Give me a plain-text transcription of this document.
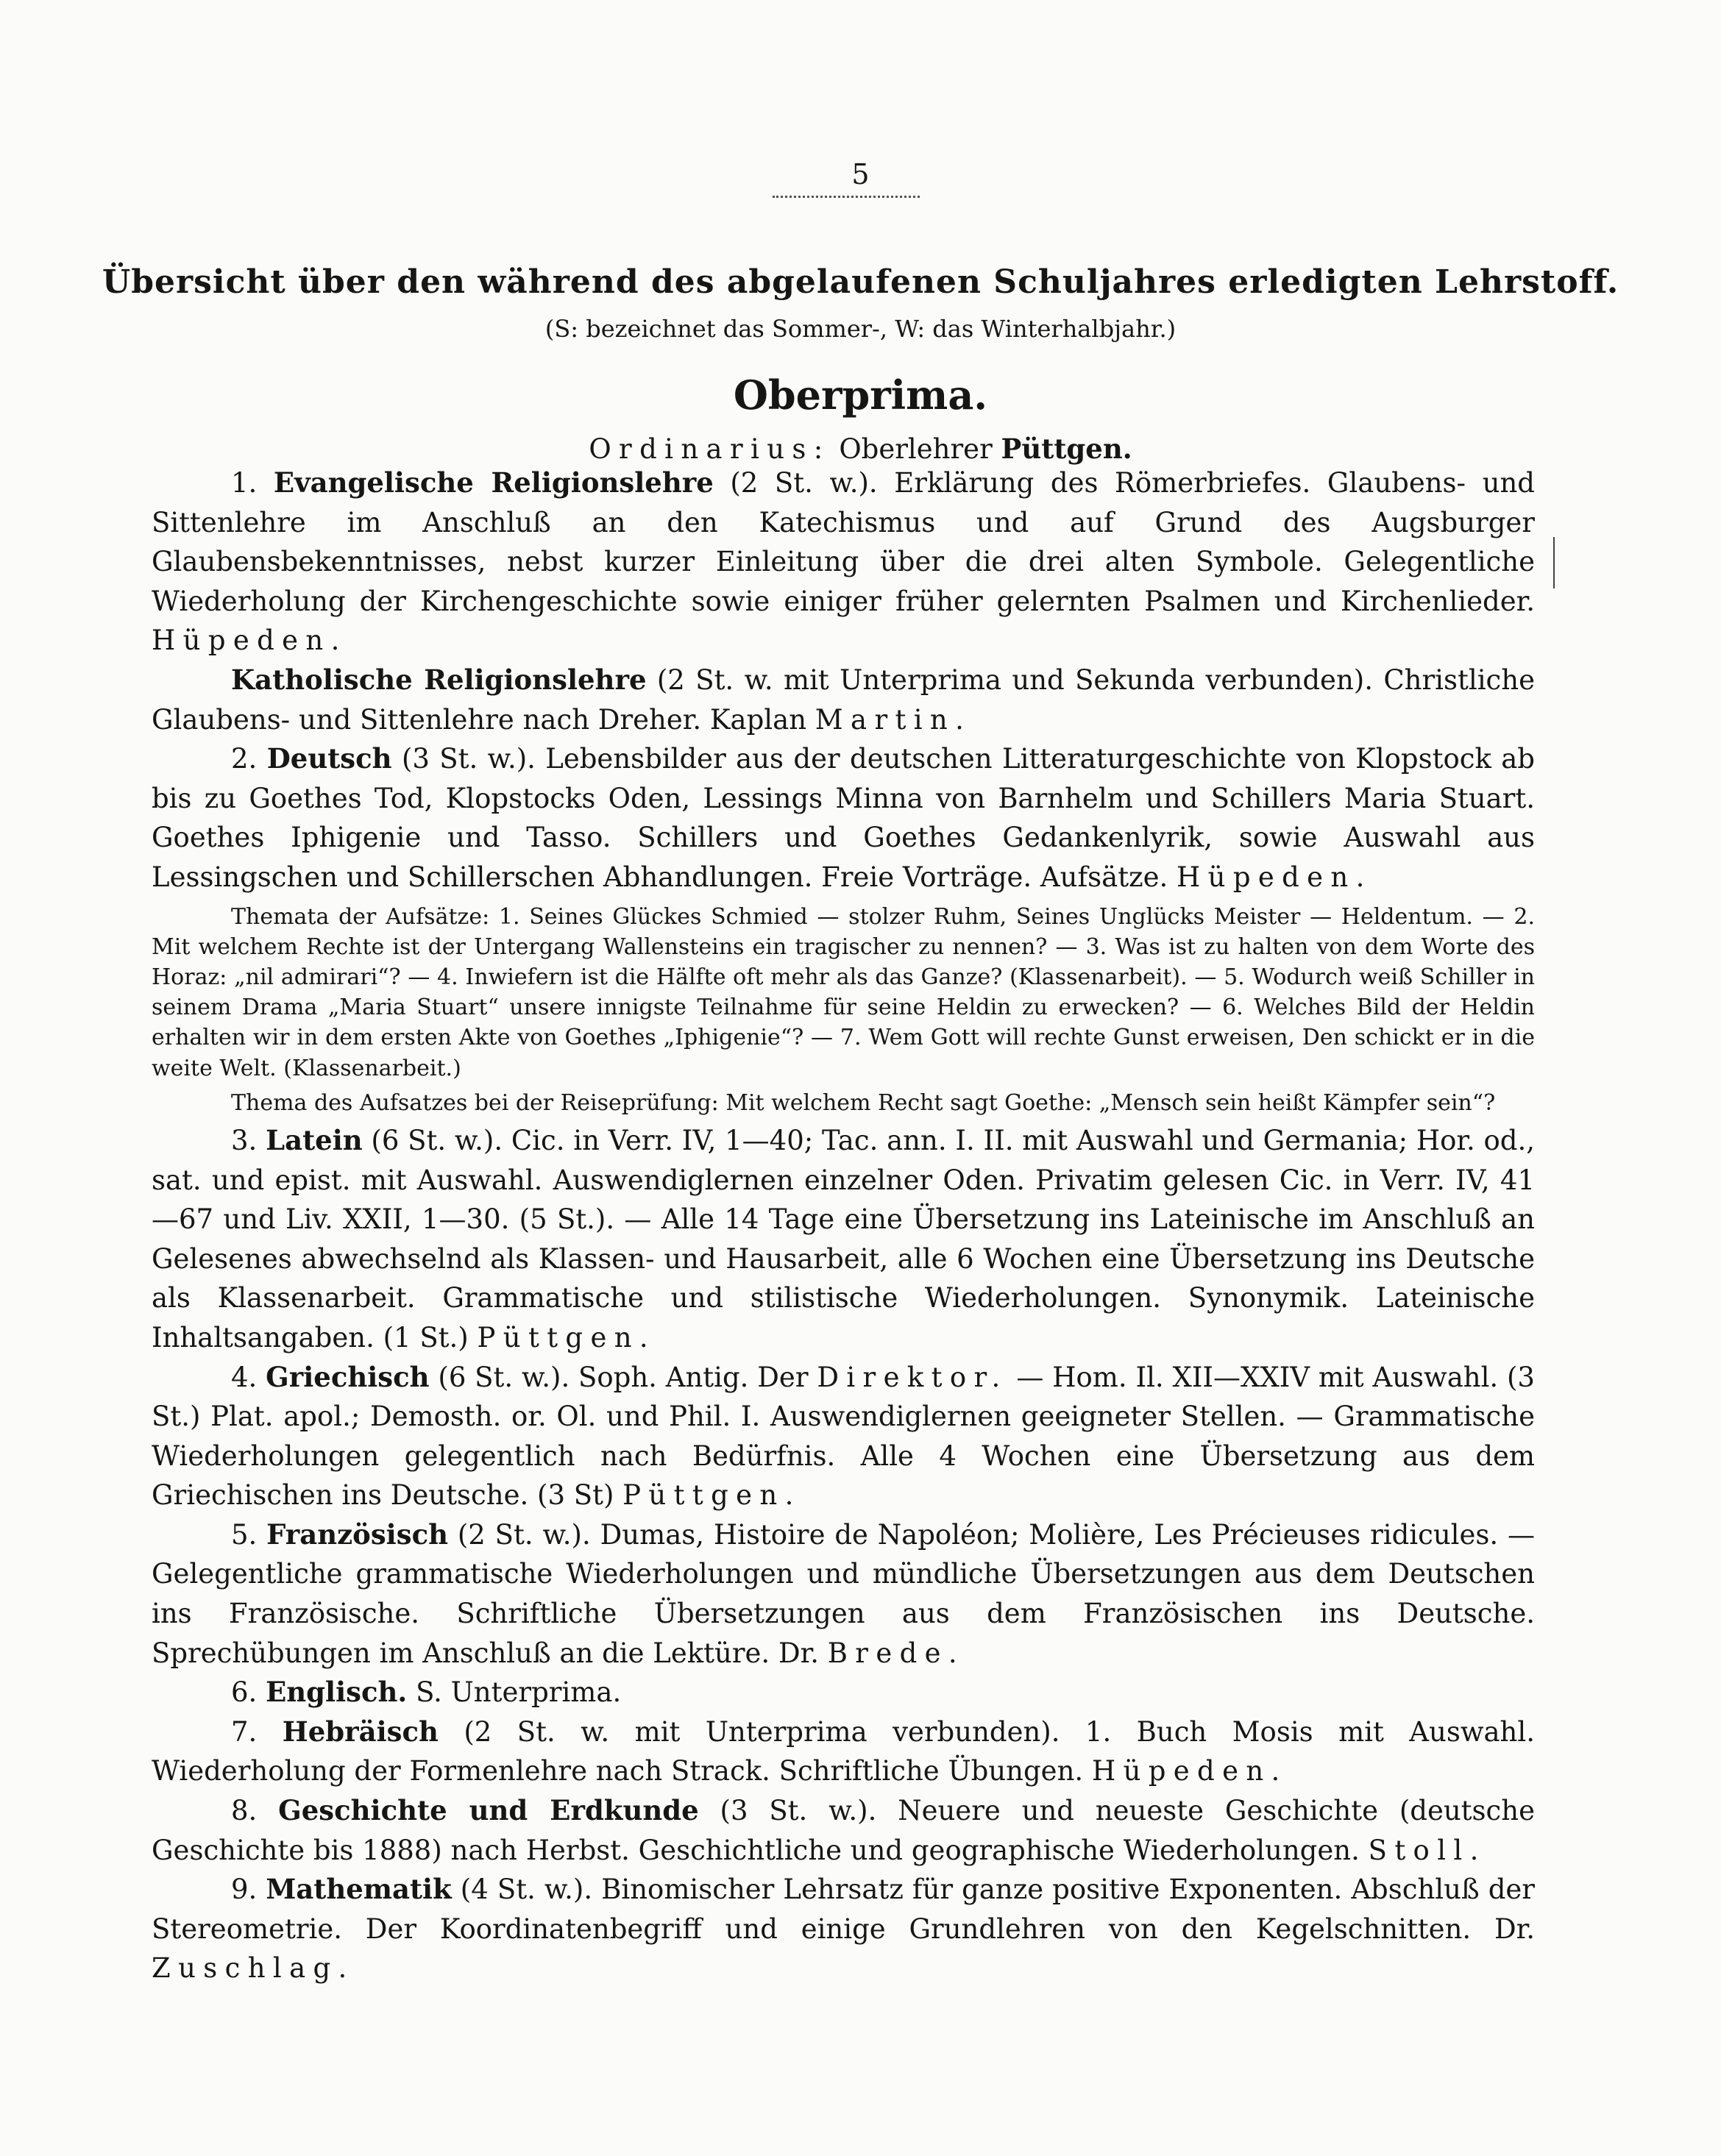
5
Übersicht über den während des abgelaufenen Schuljahres erledigten Lehrstoff.
(S: bezeichnet das Sommer-, W: das Winterhalbjahr.)
Oberprima.
Ordinarius: Oberlehrer Püttgen.

1. Evangelische Religionslehre (2 St. w.). Erklärung des Römerbriefes. Glaubens- und Sittenlehre im Anschluß an den Katechismus und auf Grund des Augsburger Glaubensbekenntnisses, nebst kurzer Einleitung über die drei alten Symbole. Gelegentliche Wiederholung der Kirchengeschichte sowie einiger früher gelernten Psalmen und Kirchenlieder. Hüpeden.

Katholische Religionslehre (2 St. w. mit Unterprima und Sekunda verbunden). Christliche Glaubens- und Sittenlehre nach Dreher. Kaplan Martin.

2. Deutsch (3 St. w.). Lebensbilder aus der deutschen Litteraturgeschichte von Klopstock ab bis zu Goethes Tod, Klopstocks Oden, Lessings Minna von Barnhelm und Schillers Maria Stuart. Goethes Iphigenie und Tasso. Schillers und Goethes Gedankenlyrik, sowie Auswahl aus Lessingschen und Schillerschen Abhandlungen. Freie Vorträge. Aufsätze. Hüpeden.

Themata der Aufsätze: 1. Seines Glückes Schmied — stolzer Ruhm, Seines Unglücks Meister — Heldentum. — 2. Mit welchem Rechte ist der Untergang Wallensteins ein tragischer zu nennen? — 3. Was ist zu halten von dem Worte des Horaz: „nil admirari“? — 4. Inwiefern ist die Hälfte oft mehr als das Ganze? (Klassenarbeit). — 5. Wodurch weiß Schiller in seinem Drama „Maria Stuart“ unsere innigste Teilnahme für seine Heldin zu erwecken? — 6. Welches Bild der Heldin erhalten wir in dem ersten Akte von Goethes „Iphigenie“? — 7. Wem Gott will rechte Gunst erweisen, Den schickt er in die weite Welt. (Klassenarbeit.)

Thema des Aufsatzes bei der Reiseprüfung: Mit welchem Recht sagt Goethe: „Mensch sein heißt Kämpfer sein“?

3. Latein (6 St. w.). Cic. in Verr. IV, 1—40; Tac. ann. I. II. mit Auswahl und Germania; Hor. od., sat. und epist. mit Auswahl. Auswendiglernen einzelner Oden. Privatim gelesen Cic. in Verr. IV, 41—67 und Liv. XXII, 1—30. (5 St.). — Alle 14 Tage eine Übersetzung ins Lateinische im Anschluß an Gelesenes abwechselnd als Klassen- und Hausarbeit, alle 6 Wochen eine Übersetzung ins Deutsche als Klassenarbeit. Grammatische und stilistische Wiederholungen. Synonymik. Lateinische Inhaltsangaben. (1 St.) Püttgen.

4. Griechisch (6 St. w.). Soph. Antig. Der Direktor. — Hom. Il. XII—XXIV mit Auswahl. (3 St.) Plat. apol.; Demosth. or. Ol. und Phil. I. Auswendiglernen geeigneter Stellen. — Grammatische Wiederholungen gelegentlich nach Bedürfnis. Alle 4 Wochen eine Übersetzung aus dem Griechischen ins Deutsche. (3 St) Püttgen.

5. Französisch (2 St. w.). Dumas, Histoire de Napoléon; Molière, Les Précieuses ridicules. — Gelegentliche grammatische Wiederholungen und mündliche Übersetzungen aus dem Deutschen ins Französische. Schriftliche Übersetzungen aus dem Französischen ins Deutsche. Sprechübungen im Anschluß an die Lektüre. Dr. Brede.

6. Englisch. S. Unterprima.

7. Hebräisch (2 St. w. mit Unterprima verbunden). 1. Buch Mosis mit Auswahl. Wiederholung der Formenlehre nach Strack. Schriftliche Übungen. Hüpeden.

8. Geschichte und Erdkunde (3 St. w.). Neuere und neueste Geschichte (deutsche Geschichte bis 1888) nach Herbst. Geschichtliche und geographische Wiederholungen. Stoll.

9. Mathematik (4 St. w.). Binomischer Lehrsatz für ganze positive Exponenten. Abschluß der Stereometrie. Der Koordinatenbegriff und einige Grundlehren von den Kegelschnitten. Dr. Zuschlag.
